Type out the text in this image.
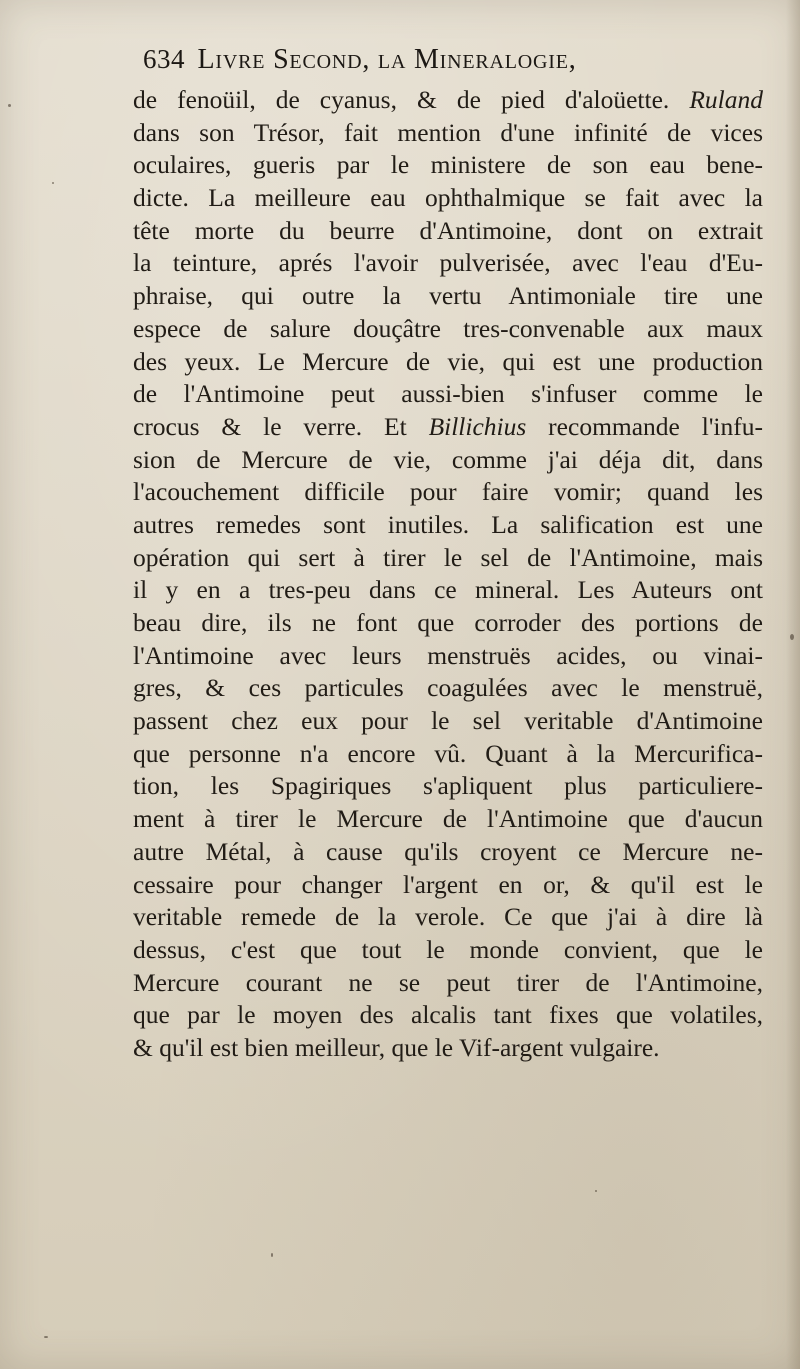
634 Livre Second, la Mineralogie,
de fenoüil, de cyanus, & de pied d'aloüette. Ruland
dans son Trésor, fait mention d'une infinité de vices
oculaires, gueris par le ministere de son eau bene-
dicte. La meilleure eau ophthalmique se fait avec la
tête morte du beurre d'Antimoine, dont on extrait
la teinture, aprés l'avoir pulverisée, avec l'eau d'Eu-
phraise, qui outre la vertu Antimoniale tire une
espece de salure douçâtre tres-convenable aux maux
des yeux. Le Mercure de vie, qui est une production
de l'Antimoine peut aussi-bien s'infuser comme le
crocus & le verre. Et Billichius recommande l'infu-
sion de Mercure de vie, comme j'ai déja dit, dans
l'acouchement difficile pour faire vomir; quand les
autres remedes sont inutiles. La salification est une
opération qui sert à tirer le sel de l'Antimoine, mais
il y en a tres-peu dans ce mineral. Les Auteurs ont
beau dire, ils ne font que corroder des portions de
l'Antimoine avec leurs menstruës acides, ou vinai-
gres, & ces particules coagulées avec le menstruë,
passent chez eux pour le sel veritable d'Antimoine
que personne n'a encore vû. Quant à la Mercurifica-
tion, les Spagiriques s'apliquent plus particuliere-
ment à tirer le Mercure de l'Antimoine que d'aucun
autre Métal, à cause qu'ils croyent ce Mercure ne-
cessaire pour changer l'argent en or, & qu'il est le
veritable remede de la verole. Ce que j'ai à dire là
dessus, c'est que tout le monde convient, que le
Mercure courant ne se peut tirer de l'Antimoine,
que par le moyen des alcalis tant fixes que volatiles,
& qu'il est bien meilleur, que le Vif-argent vulgaire.
